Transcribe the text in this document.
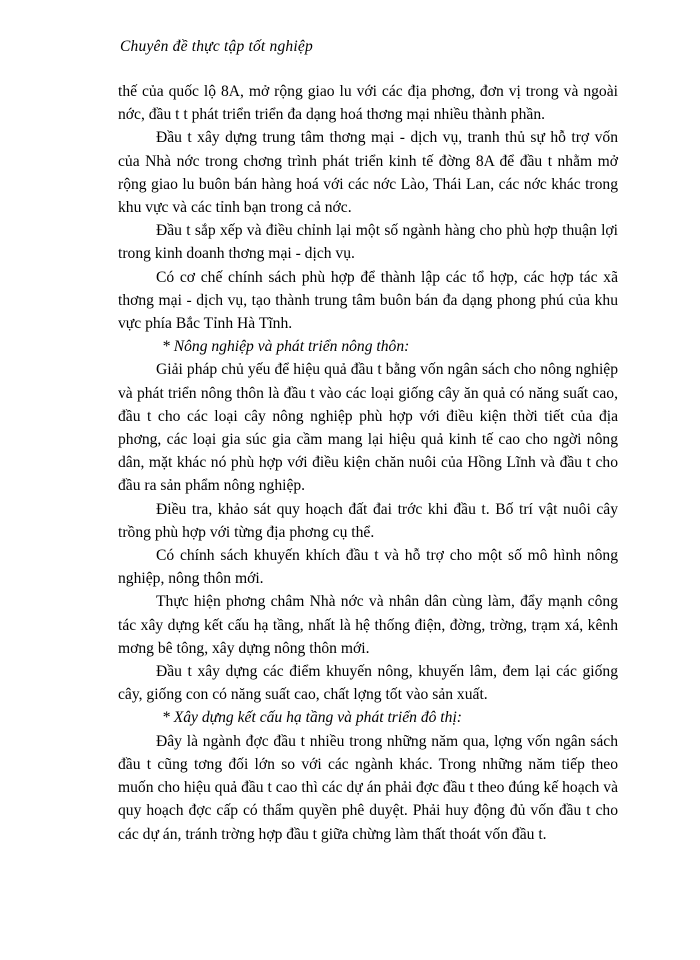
Chuyên đề thực tập tốt nghiệp

thế của quốc lộ 8A, mở rộng giao lu với các địa phơng, đơn vị trong và ngoài nớc, đầu t t phát triển triển đa dạng hoá thơng mại nhiều thành phần.

Đầu t xây dựng trung tâm thơng mại - dịch vụ, tranh thủ sự hỗ trợ vốn của Nhà nớc trong chơng trình phát triển kinh tế đờng 8A để đầu t nhằm mở rộng giao lu buôn bán hàng hoá với các nớc Lào, Thái Lan, các nớc khác trong khu vực và các tỉnh bạn trong cả nớc.

Đầu t sắp xếp và điều chỉnh lại một số ngành hàng cho phù hợp thuận lợi trong kinh doanh thơng mại - dịch vụ.

Có cơ chế chính sách phù hợp để thành lập các tổ hợp, các hợp tác xã thơng mại - dịch vụ, tạo thành trung tâm buôn bán đa dạng phong phú của khu vực phía Bắc Tỉnh Hà Tĩnh.

* Nông nghiệp và phát triển nông thôn:

Giải pháp chủ yếu để hiệu quả đầu t bằng vốn ngân sách cho nông nghiệp và phát triển nông thôn là đầu t vào các loại giống cây ăn quả có năng suất cao, đầu t cho các loại cây nông nghiệp phù hợp với điều kiện thời tiết của địa phơng, các loại gia súc gia cầm mang lại hiệu quả kinh tế cao cho ngời nông dân, mặt khác nó phù hợp với điều kiện chăn nuôi của Hồng Lĩnh và đầu t cho đầu ra sản phẩm nông nghiệp.

Điều tra, khảo sát quy hoạch đất đai trớc khi đầu t. Bố trí vật nuôi cây trồng phù hợp với từng địa phơng cụ thể.

Có chính sách khuyến khích đầu t và hỗ trợ cho một số mô hình nông nghiệp, nông thôn mới.

Thực hiện phơng châm Nhà nớc và nhân dân cùng làm, đẩy mạnh công tác xây dựng kết cấu hạ tầng, nhất là hệ thống điện, đờng, trờng, trạm xá, kênh mơng bê tông, xây dựng nông thôn mới.

Đầu t xây dựng các điểm khuyến nông, khuyến lâm, đem lại các giống cây, giống con có năng suất cao, chất lợng tốt vào sản xuất.

* Xây dựng kết cấu hạ tầng và phát triển đô thị:

Đây là ngành đợc đầu t nhiều trong những năm qua, lợng vốn ngân sách đầu t cũng tơng đối lớn so với các ngành khác. Trong những năm tiếp theo muốn cho hiệu quả đầu t cao thì các dự án phải đợc đầu t theo đúng kế hoạch và quy hoạch đợc cấp có thẩm quyền phê duyệt. Phải huy động đủ vốn đầu t cho các dự án, tránh trờng hợp đầu t giữa chừng làm thất thoát vốn đầu t.
